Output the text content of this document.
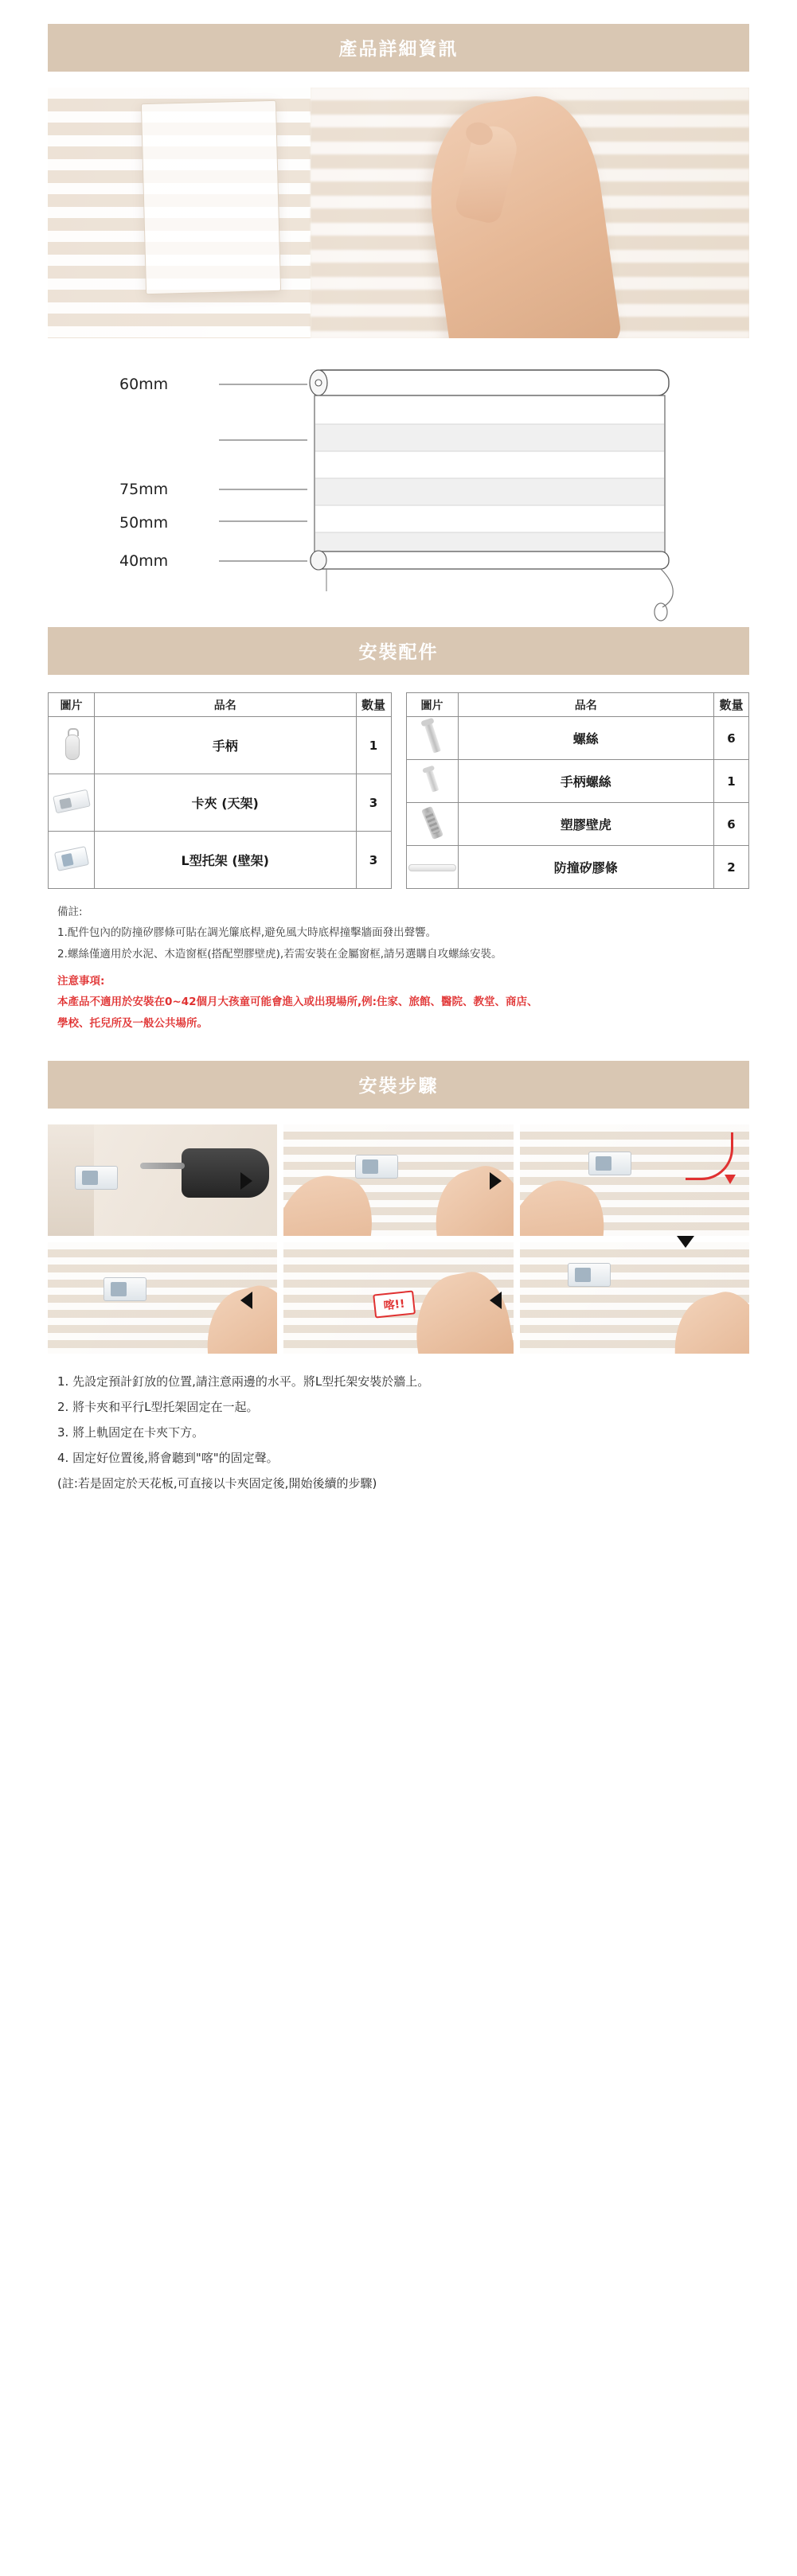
產品詳細資訊
60mm
75mm
50mm
40mm
安裝配件
圖片	品名	數量
	手柄	1
	卡夾 (天架)	3
	L型托架 (壁架)	3
圖片	品名	數量
	螺絲	6
	手柄螺絲	1
	塑膠壁虎	6
	防撞矽膠條	2
備註:
1.配件包內的防撞矽膠條可貼在調光簾底桿,避免風大時底桿撞擊牆面發出聲響。
2.螺絲僅適用於水泥、木造窗框(搭配塑膠壁虎),若需安裝在金屬窗框,請另選購自攻螺絲安裝。
注意事項:
本產品不適用於安裝在0~42個月大孩童可能會進入或出現場所,例:住家、旅館、醫院、教堂、商店、
學校、托兒所及一般公共場所。
安裝步驟
喀!!
1. 先設定預計釘放的位置,請注意兩邊的水平。將L型托架安裝於牆上。
2. 將卡夾和平行L型托架固定在一起。
3. 將上軌固定在卡夾下方。
4. 固定好位置後,將會聽到"喀"的固定聲。
(註:若是固定於天花板,可直接以卡夾固定後,開始後續的步驟)
